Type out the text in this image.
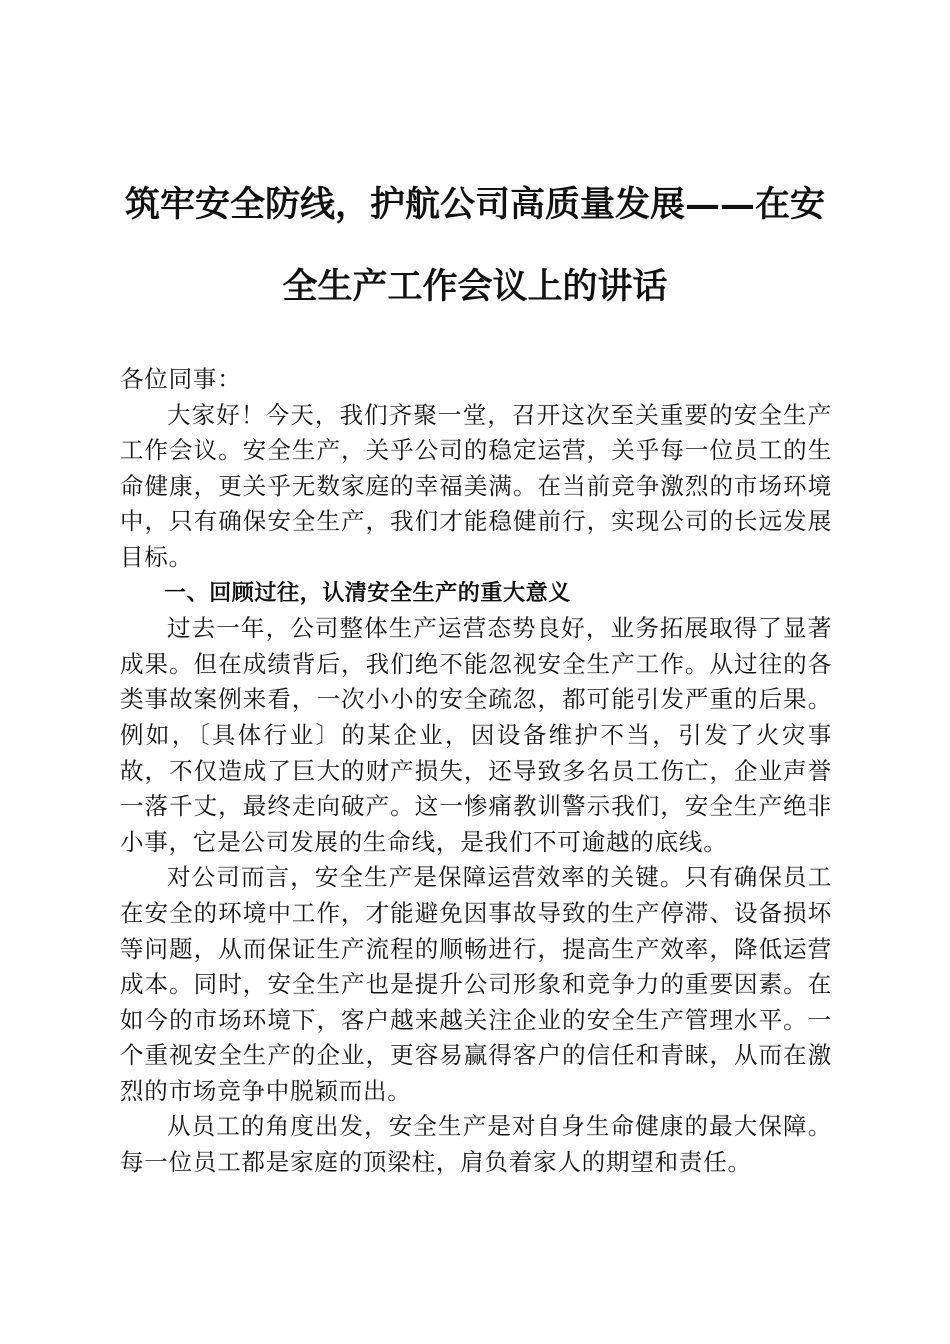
筑牢安全防线，护航公司高质量发展——在安
全生产工作会议上的讲话

各位同事：

大家好！今天，我们齐聚一堂，召开这次至关重要的安全生产工作会议。安全生产，关乎公司的稳定运营，关乎每一位员工的生命健康，更关乎无数家庭的幸福美满。在当前竞争激烈的市场环境中，只有确保安全生产，我们才能稳健前行，实现公司的长远发展目标。

一、回顾过往，认清安全生产的重大意义

过去一年，公司整体生产运营态势良好，业务拓展取得了显著成果。但在成绩背后，我们绝不能忽视安全生产工作。从过往的各类事故案例来看，一次小小的安全疏忽，都可能引发严重的后果。例如，〔具体行业〕的某企业，因设备维护不当，引发了火灾事故，不仅造成了巨大的财产损失，还导致多名员工伤亡，企业声誉一落千丈，最终走向破产。这一惨痛教训警示我们，安全生产绝非小事，它是公司发展的生命线，是我们不可逾越的底线。

对公司而言，安全生产是保障运营效率的关键。只有确保员工在安全的环境中工作，才能避免因事故导致的生产停滞、设备损坏等问题，从而保证生产流程的顺畅进行，提高生产效率，降低运营成本。同时，安全生产也是提升公司形象和竞争力的重要因素。在如今的市场环境下，客户越来越关注企业的安全生产管理水平。一个重视安全生产的企业，更容易赢得客户的信任和青睐，从而在激烈的市场竞争中脱颖而出。

从员工的角度出发，安全生产是对自身生命健康的最大保障。每一位员工都是家庭的顶梁柱，肩负着家人的期望和责任。
